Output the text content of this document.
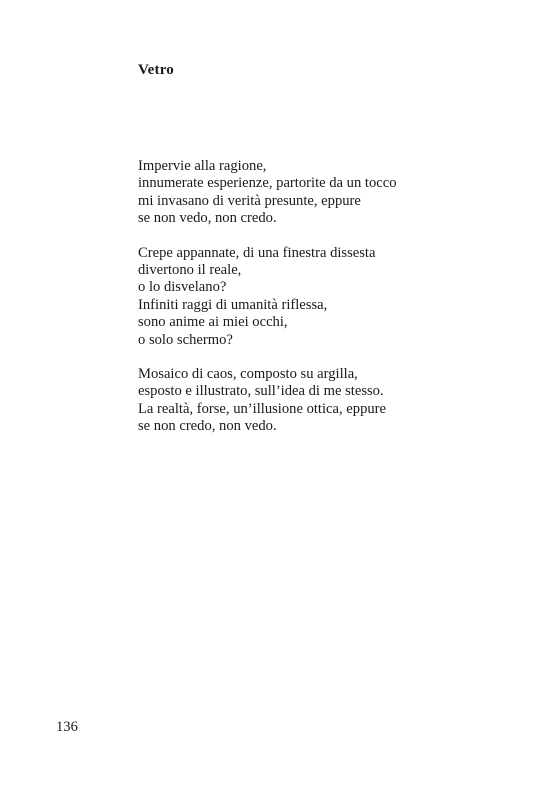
Vetro
Impervie alla ragione,
innumerate esperienze, partorite da un tocco
mi invasano di verità presunte, eppure
se non vedo, non credo.
Crepe appannate, di una finestra dissesta
divertono il reale,
o lo disvelano?
Infiniti raggi di umanità riflessa,
sono anime ai miei occhi,
o solo schermo?
Mosaico di caos, composto su argilla,
esposto e illustrato, sull’idea di me stesso.
La realtà, forse, un’illusione ottica, eppure
se non credo, non vedo.
136
